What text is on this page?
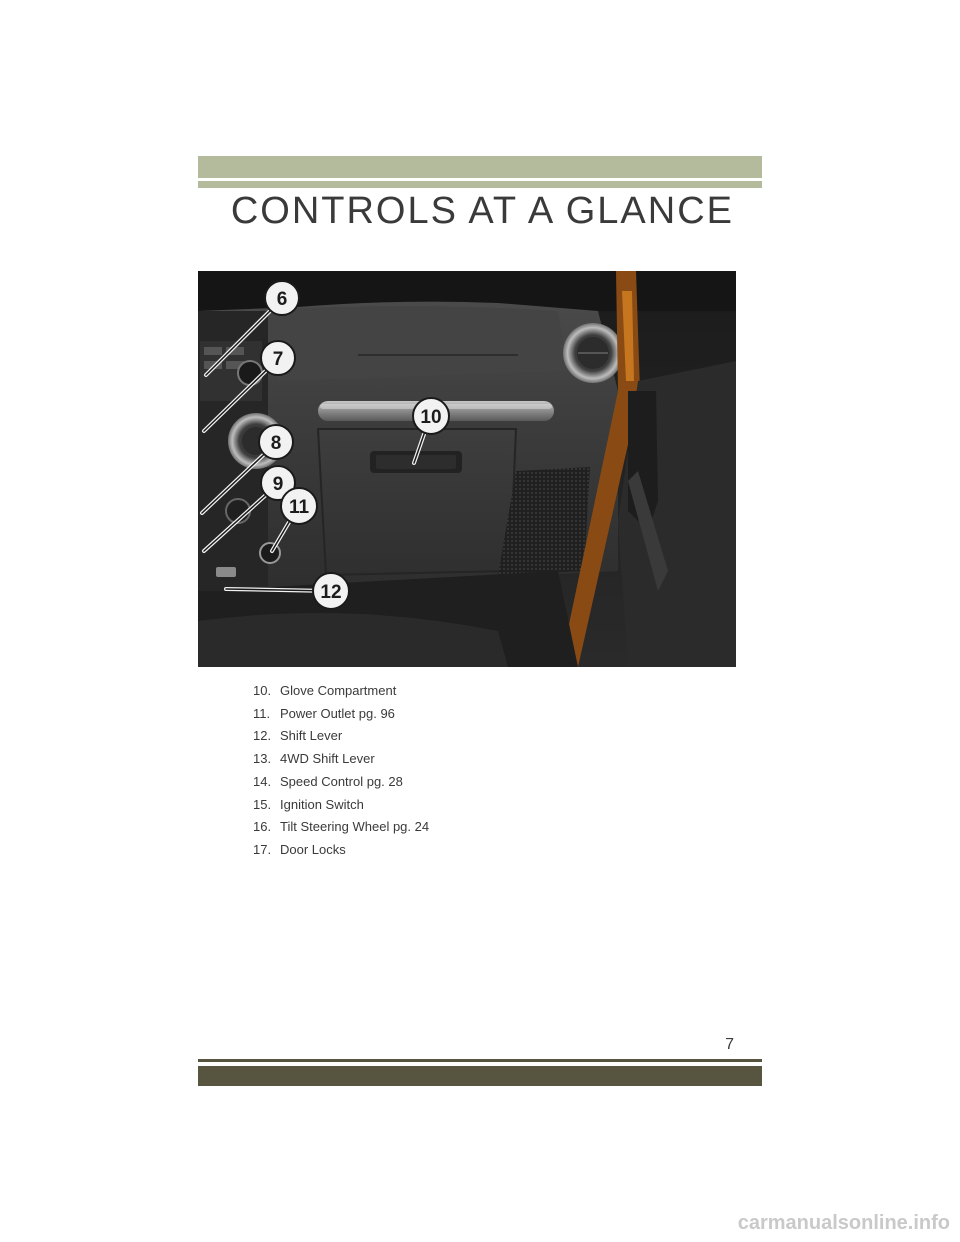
CONTROLS AT A GLANCE
6
7
8
9
10
11
12
10. Glove Compartment
11. Power Outlet pg. 96
12. Shift Lever
13. 4WD Shift Lever
14. Speed Control pg. 28
15. Ignition Switch
16. Tilt Steering Wheel pg. 24
17. Door Locks
7
carmanualsonline.info
